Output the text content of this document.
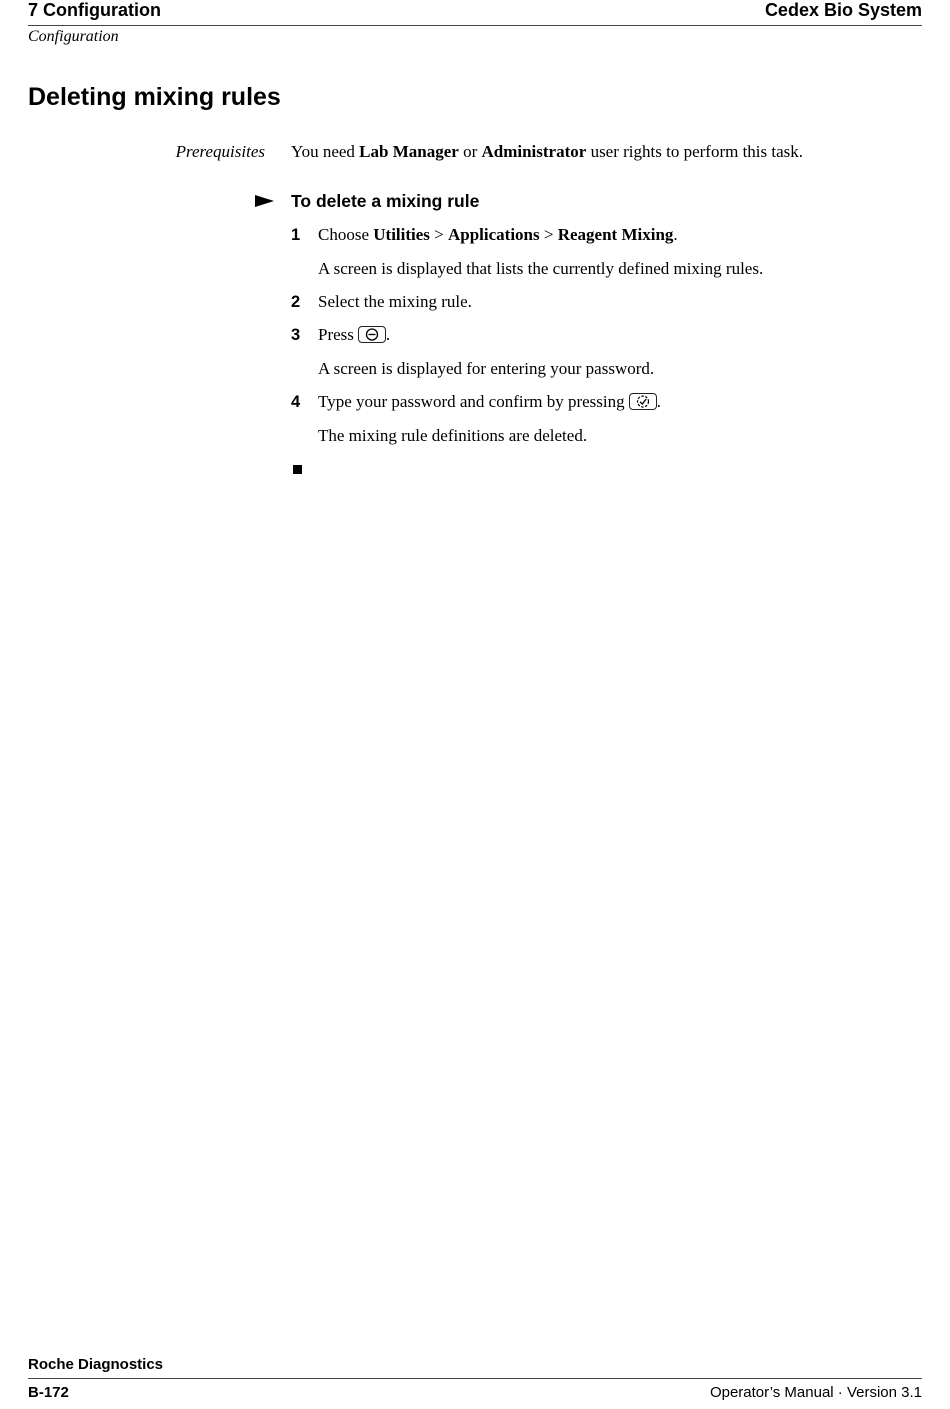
7 Configuration	Cedex Bio System
Configuration
Deleting mixing rules
Prerequisites You need Lab Manager or Administrator user rights to perform this task.
To delete a mixing rule
1 Choose Utilities > Applications > Reagent Mixing.
A screen is displayed that lists the currently defined mixing rules.
2 Select the mixing rule.
3 Press .
A screen is displayed for entering your password.
4 Type your password and confirm by pressing .
The mixing rule definitions are deleted.
Roche Diagnostics
B-172	Operator’s Manual · Version 3.1
